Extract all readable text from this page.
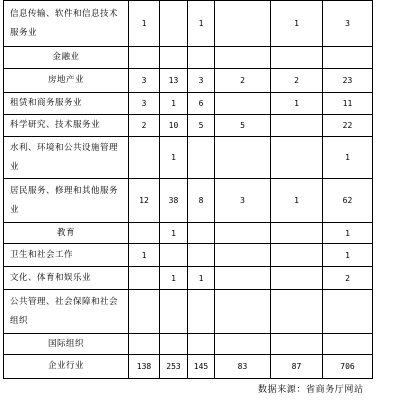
信息传输、软件和信息技术服务业	1		1		1	3
金融业						
房地产业	3	13	3	2	2	23
租赁和商务服务业	3	1	6		1	11
科学研究、技术服务业	2	10	5	5		22
水利、环境和公共设施管理业		1				1
居民服务、修理和其他服务业	12	38	8	3	1	62
教育		1				1
卫生和社会工作	1					1
文化、体育和娱乐业		1	1			2
公共管理、社会保障和社会组织						
国际组织						
企业行业	138	253	145	83	87	706
数据来源：省商务厅网站
